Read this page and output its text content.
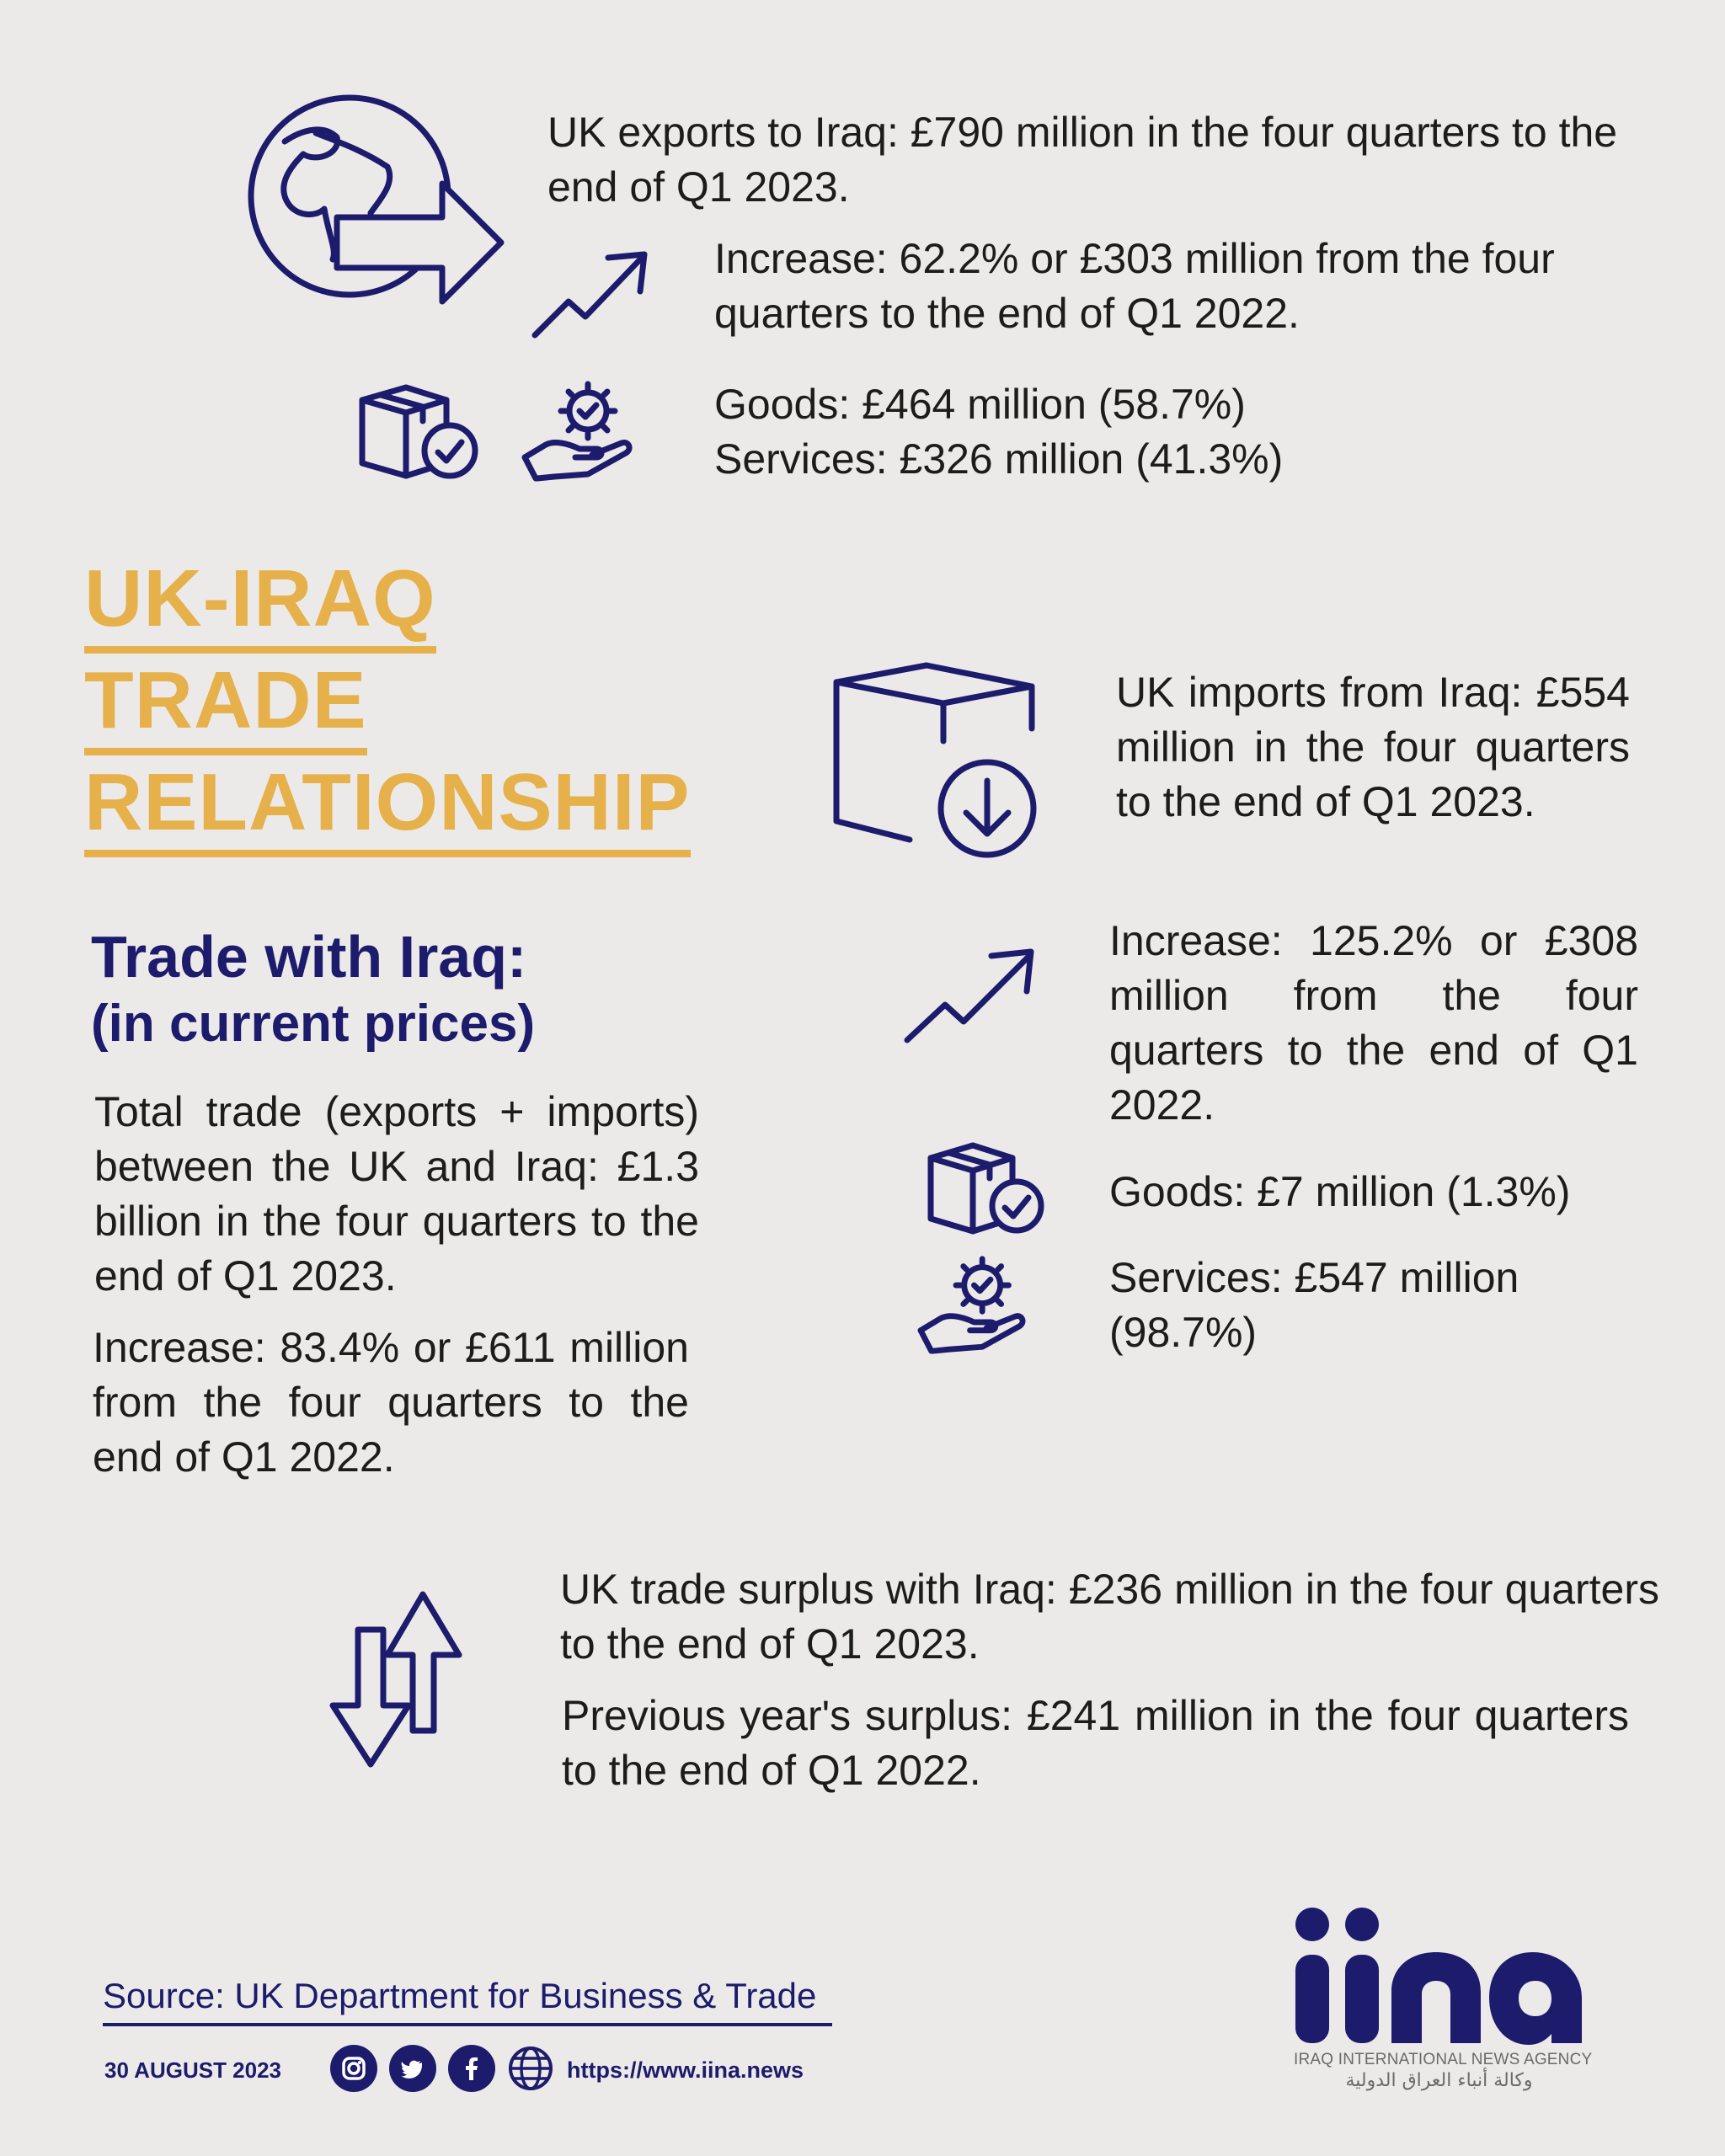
UK exports to Iraq: £790 million in the four quarters to the end of Q1 2023.
Increase: 62.2% or £303 million from the four quarters to the end of Q1 2022.
Goods: £464 million (58.7%)
Services: £326 million (41.3%)
UK-IRAQ
TRADE
RELATIONSHIP
Trade with Iraq:
(in current prices)
Total trade (exports + imports) between the UK and Iraq: £1.3 billion in the four quarters to the end of Q1 2023.
Increase: 83.4% or £611 million from the four quarters to the end of Q1 2022.
UK imports from Iraq: £554 million in the four quarters to the end of Q1 2023.
Increase: 125.2% or £308 million from the four quarters to the end of Q1 2022.
Goods: £7 million (1.3%)
Services: £547 million (98.7%)
UK trade surplus with Iraq: £236 million in the four quarters to the end of Q1 2023.
Previous year's surplus: £241 million in the four quarters to the end of Q1 2022.
Source: UK Department for Business & Trade
30 AUGUST 2023	https://www.iina.news	IRAQ INTERNATIONAL NEWS AGENCY
وكالة أنباء العراق الدولية
